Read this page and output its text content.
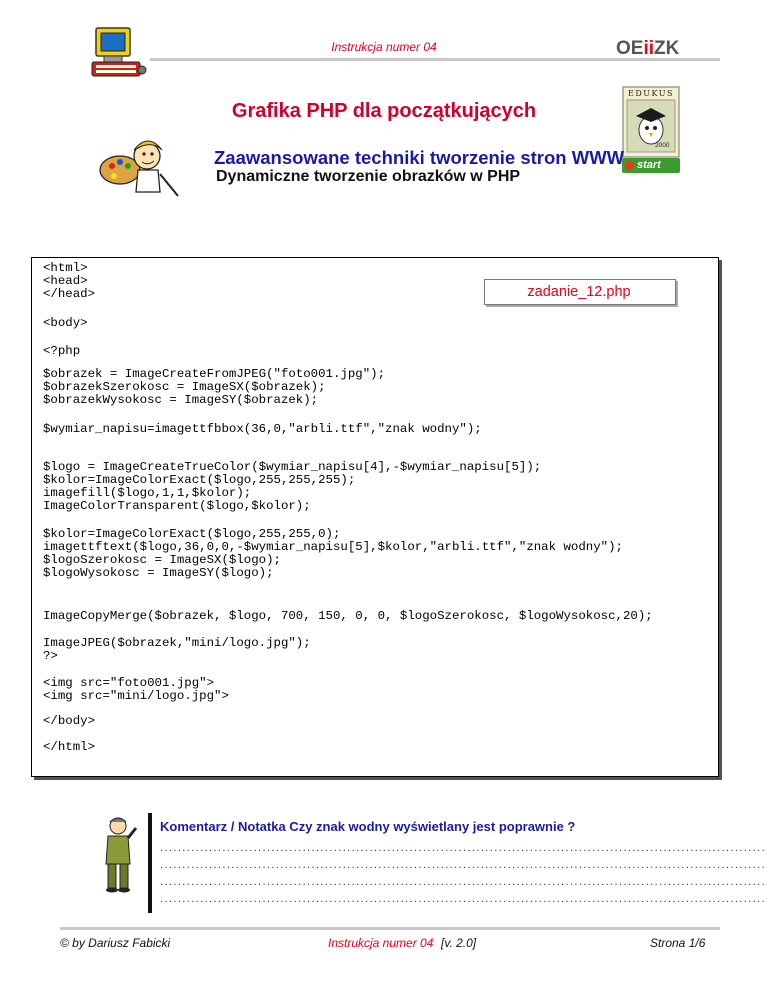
Instrukcja numer 04	OEiiZK
EDUKUS
2000
start
Grafika PHP dla początkujących
Zaawansowane techniki tworzenie stron WWW
Dynamiczne tworzenie obrazków w PHP
zadanie_12.php
<html>
<head>
</head>
<body>
<?php
$obrazek = ImageCreateFromJPEG("foto001.jpg");
$obrazekSzerokosc = ImageSX($obrazek);
$obrazekWysokosc = ImageSY($obrazek);
$wymiar_napisu=imagettfbbox(36,0,"arbli.ttf","znak wodny");
$logo = ImageCreateTrueColor($wymiar_napisu[4],-$wymiar_napisu[5]);
$kolor=ImageColorExact($logo,255,255,255);
imagefill($logo,1,1,$kolor);
ImageColorTransparent($logo,$kolor);
$kolor=ImageColorExact($logo,255,255,0);
imagettftext($logo,36,0,0,-$wymiar_napisu[5],$kolor,"arbli.ttf","znak wodny");
$logoSzerokosc = ImageSX($logo);
$logoWysokosc = ImageSY($logo);
ImageCopyMerge($obrazek, $logo, 700, 150, 0, 0, $logoSzerokosc, $logoWysokosc,20);
ImageJPEG($obrazek,"mini/logo.jpg");
?>
<img src="foto001.jpg">
<img src="mini/logo.jpg">
</body>
</html>
Komentarz / Notatka Czy znak wodny wyświetlany jest poprawnie ?
........................................................................................................................................
........................................................................................................................................
........................................................................................................................................
........................................................................................................................................
© by Dariusz Fabicki	Instrukcja numer 04 [v. 2.0]	Strona 1/6
